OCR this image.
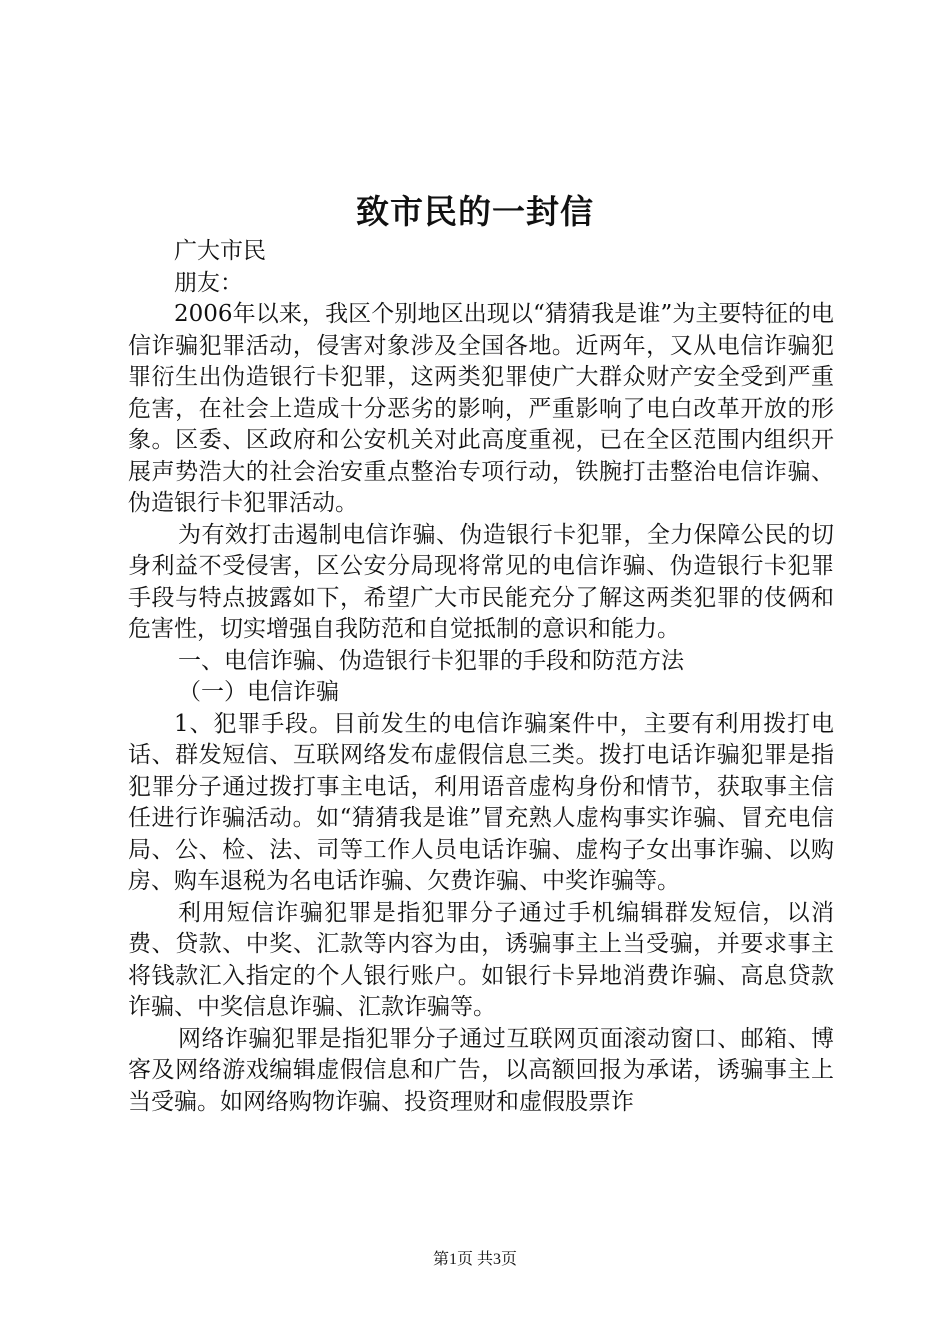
致市民的一封信

广大市民

朋友：

2006年以来，我区个别地区出现以“猜猜我是谁”为主要特征的电信诈骗犯罪活动，侵害对象涉及全国各地。近两年，又从电信诈骗犯罪衍生出伪造银行卡犯罪，这两类犯罪使广大群众财产安全受到严重危害，在社会上造成十分恶劣的影响，严重影响了电白改革开放的形象。区委、区政府和公安机关对此高度重视，已在全区范围内组织开展声势浩大的社会治安重点整治专项行动，铁腕打击整治电信诈骗、伪造银行卡犯罪活动。

为有效打击遏制电信诈骗、伪造银行卡犯罪，全力保障公民的切身利益不受侵害，区公安分局现将常见的电信诈骗、伪造银行卡犯罪手段与特点披露如下，希望广大市民能充分了解这两类犯罪的伎俩和危害性，切实增强自我防范和自觉抵制的意识和能力。

一、电信诈骗、伪造银行卡犯罪的手段和防范方法

（一）电信诈骗

1、犯罪手段。目前发生的电信诈骗案件中，主要有利用拨打电话、群发短信、互联网络发布虚假信息三类。拨打电话诈骗犯罪是指犯罪分子通过拨打事主电话，利用语音虚构身份和情节，获取事主信任进行诈骗活动。如“猜猜我是谁”冒充熟人虚构事实诈骗、冒充电信局、公、检、法、司等工作人员电话诈骗、虚构子女出事诈骗、以购房、购车退税为名电话诈骗、欠费诈骗、中奖诈骗等。

利用短信诈骗犯罪是指犯罪分子通过手机编辑群发短信，以消费、贷款、中奖、汇款等内容为由，诱骗事主上当受骗，并要求事主将钱款汇入指定的个人银行账户。如银行卡异地消费诈骗、高息贷款诈骗、中奖信息诈骗、汇款诈骗等。

网络诈骗犯罪是指犯罪分子通过互联网页面滚动窗口、邮箱、博客及网络游戏编辑虚假信息和广告，以高额回报为承诺，诱骗事主上当受骗。如网络购物诈骗、投资理财和虚假股票诈

第1页 共3页
